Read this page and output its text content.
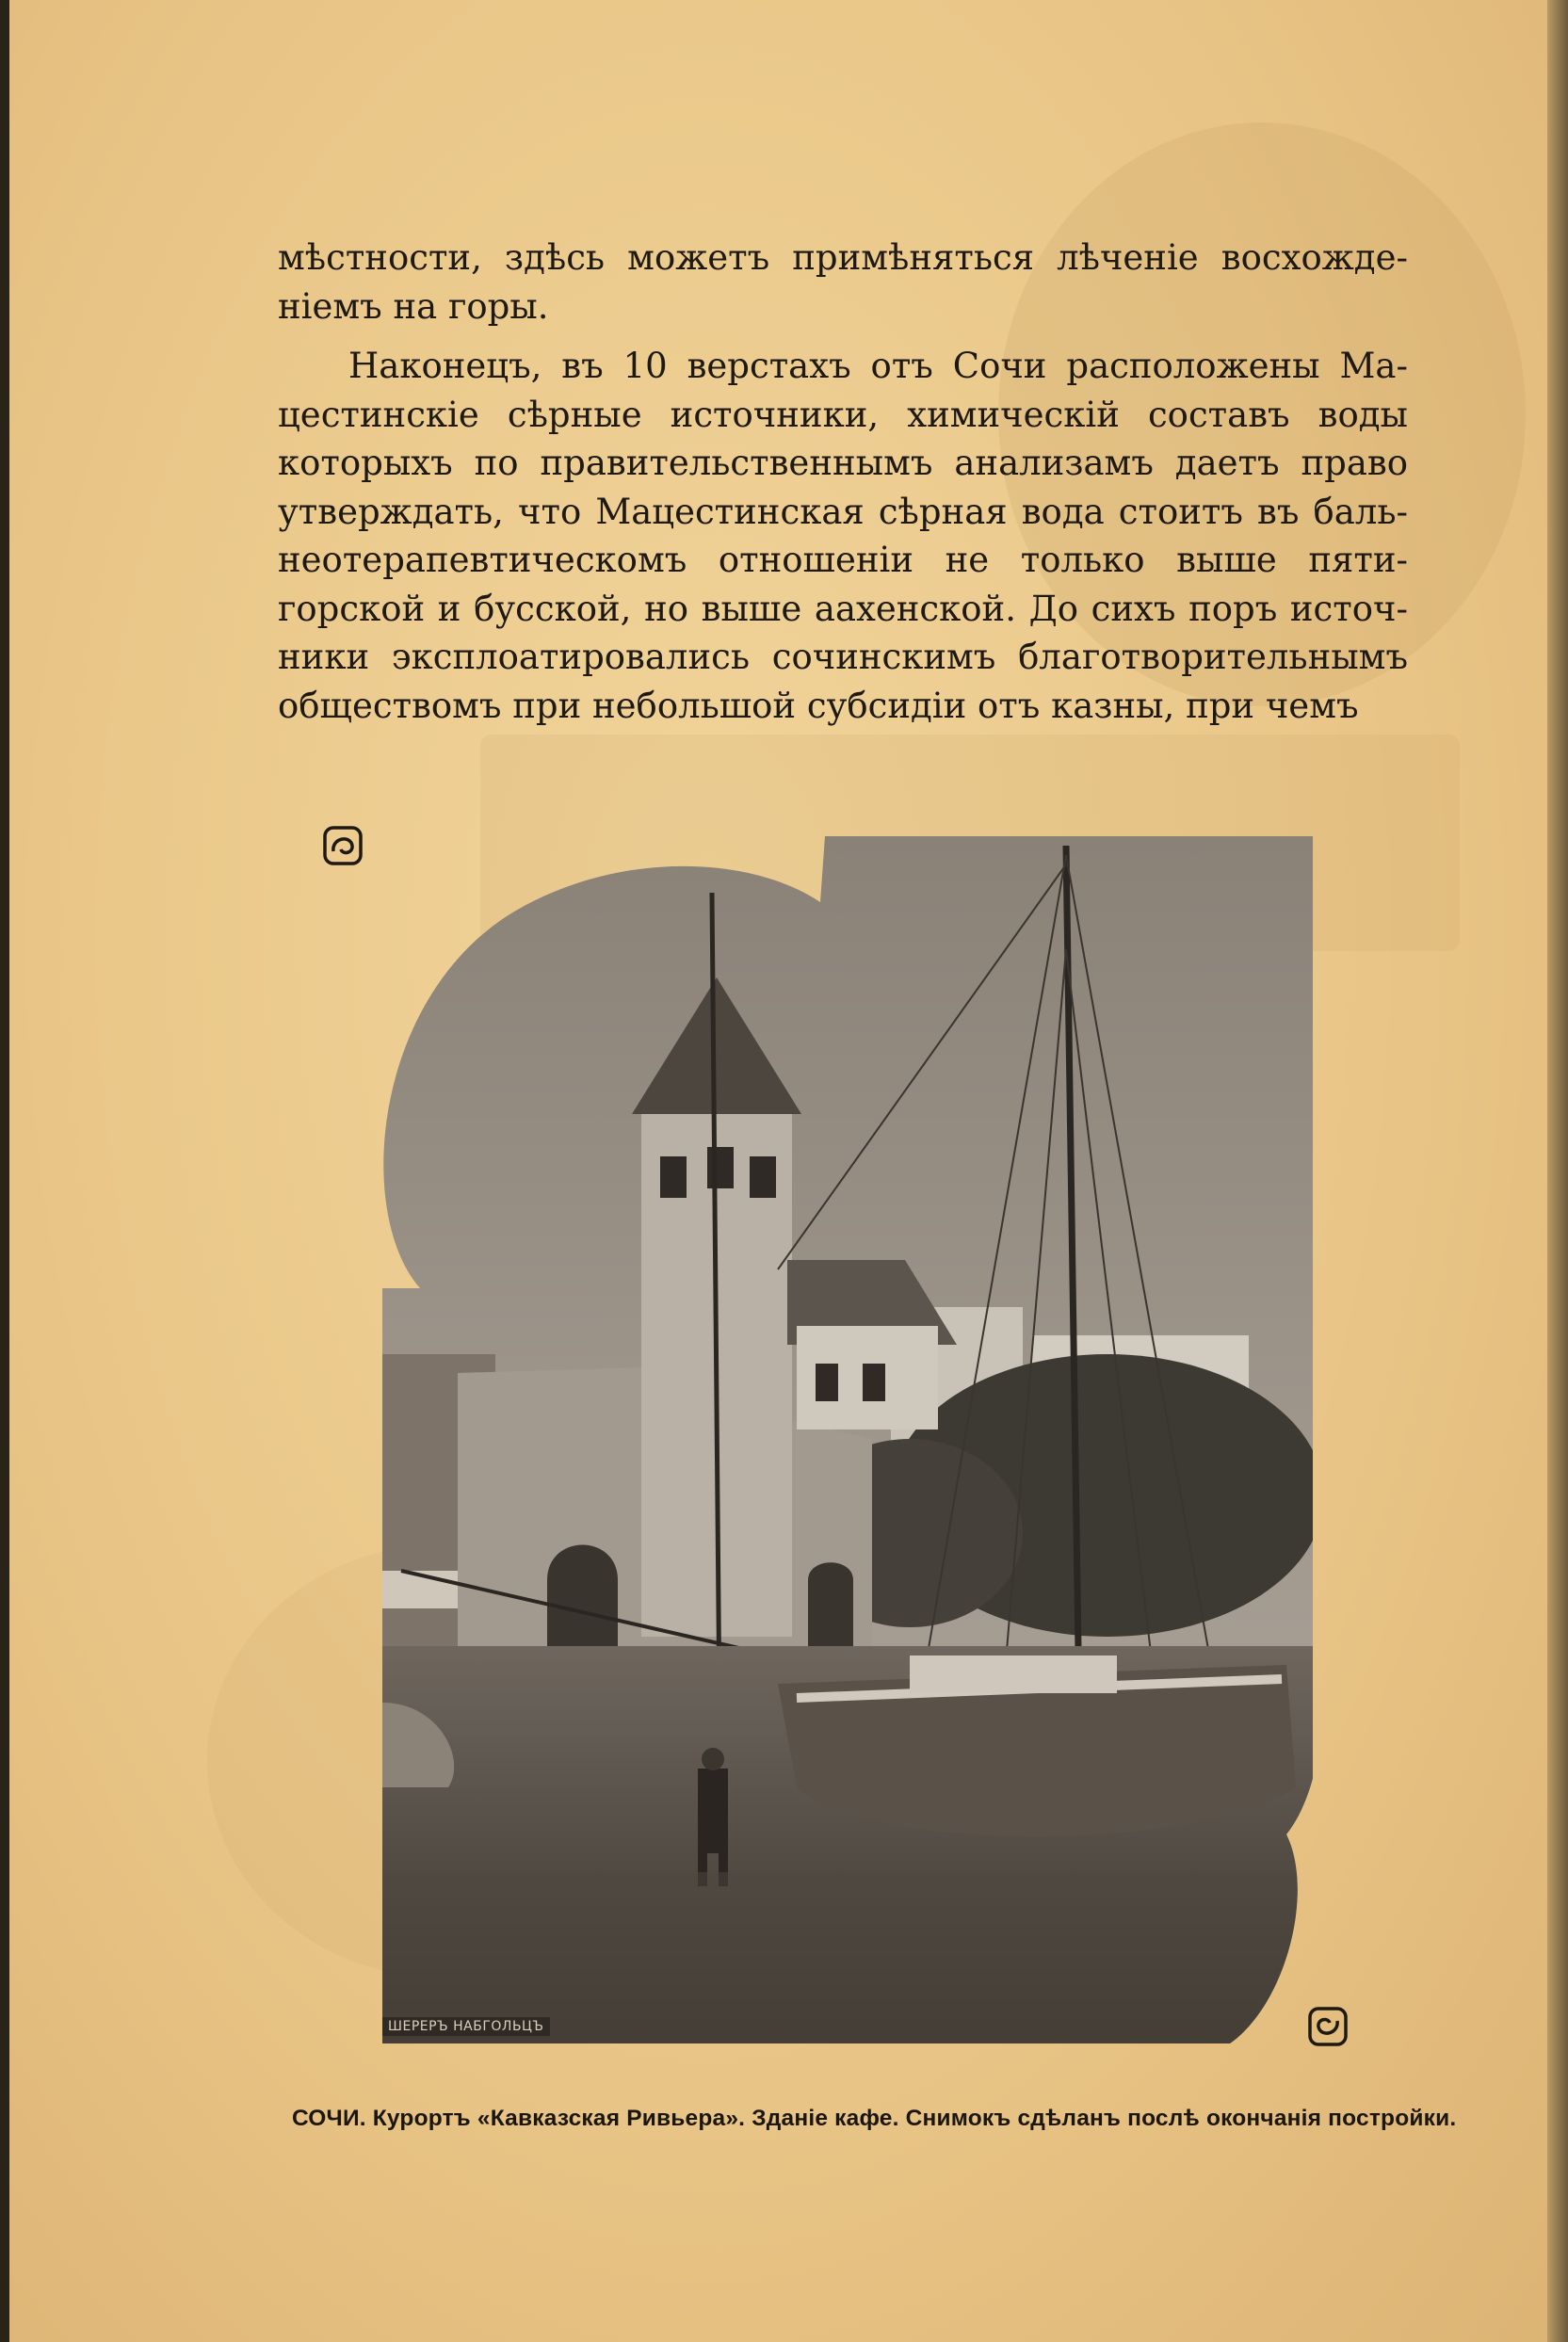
мѣстности, здѣсь можетъ примѣняться лѣченіе восхожденіемъ на горы.

Наконецъ, въ 10 верстахъ отъ Сочи расположены Мацестинскіе сѣрные источники, химическій составъ воды которыхъ по правительственнымъ анализамъ даетъ право утверждать, что Мацестинская сѣрная вода стоитъ въ бальнеотерапевтическомъ отношеніи не только выше пятигорской и бусской, но выше аахенской. До сихъ поръ источники эксплоатировались сочинскимъ благотворительнымъ обществомъ при небольшой субсидіи отъ казны, при чемъ

ШЕРЕРЪ НАБГОЛЬЦЪ
СОЧИ. Курортъ «Кавказская Ривьера». Зданіе кафе. Снимокъ сдѣланъ послѣ окончанія постройки.
